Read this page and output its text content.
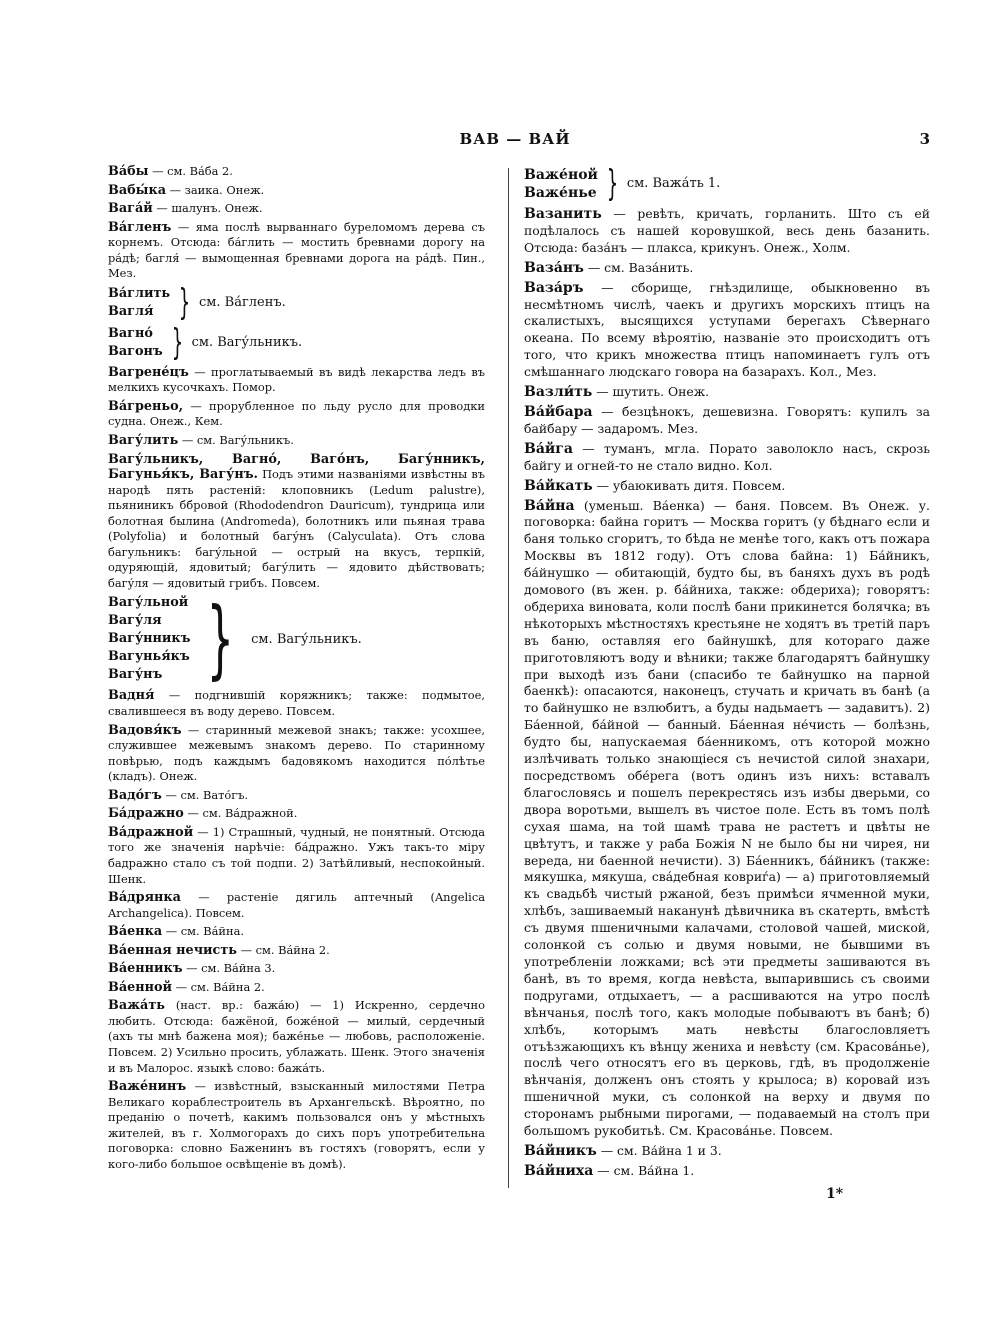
ВАВ — ВАЙ	3

Ва́бы — см. Ва́ба 2.

Вабы́ка — заика. Онеж.

Вага́й — шалунъ. Онеж.

Ва́гленъ — яма послѣ вырваннаго буреломомъ дерева съ корнемъ. Отсюда: ба́глить — мостить бревнами дорогу на ра́дѣ; багля́ — вымощенная бревнами дорога на ра́дѣ. Пин., Мез.

Ва́глить
Вагля́ } см. Ва́гленъ.
Вагно́
Вагонъ } см. Вагу́льникъ.

Вагрене́цъ — проглатываемый въ видѣ лекарства ледъ въ мелкихъ кусочкахъ. Помор.

Ва́греньо, — прорубленное по льду русло для проводки судна. Онеж., Кем.

Вагу́лить — см. Вагу́льникъ.

Вагу́льникъ, Вагно́, Ваго́нъ, Багу́нникъ, Багунья́къ, Вагу́нъ. Подъ этими названіями извѣстны въ народѣ пять растеній: клоповникъ (Ledum palustre), пьяниникъ бб́ровой (Rhododendron Dauricum), тундрица или болотная былина (Andromeda), болотникъ или пьяная трава (Polyfolia) и болотный багу́нъ (Calyculata). Отъ слова багульникъ: багу́льной — острый на вкусъ, терпкій, одуряющій, ядовитый; багу́лить — ядовито дѣйствовать; багу́ля — ядовитый грибъ. Повсем.

Вагу́льной
Вагу́ля
Вагу́нникъ
Вагунья́къ
Вагу́нъ } см. Вагу́льникъ.

Вадня́ — подгнившій коряжникъ; также: подмытое, свалившееся въ воду дерево. Повсем.

Вадовя́къ — старинный межевой знакъ; также: усохшее, служившее межевымъ знакомъ дерево. По старинному повѣрью, подъ каждымъ бадовякомъ находится по́лѣтье (кладъ). Онеж.

Вадо́гъ — см. Вато́гъ.

Ба́дражно — см. Ва́дражной.

Ва́дражной — 1) Страшный, чудный, не понятный. Отсюда того же значенія нарѣчіе: ба́дражно. Ужъ такъ-то міру бадражно стало съ той подпи. 2) Затѣйливый, неспокойный. Шенк.

Ва́дрянка — растеніе дягиль аптечный (Angelica Archangelica). Повсем.

Ва́енка — см. Ва́йна.

Ва́енная нечисть — см. Ва́йна 2.

Ва́енникъ — см. Ва́йна 3.

Ва́енной — см. Ва́йна 2.

Важа́ть (наст. вр.: бажа́ю) — 1) Искренно, сердечно любить. Отсюда: бажёной, боже́ной — милый, сердечный (ахъ ты мнѣ бажена моя); баже́нье — любовь, расположеніе. Повсем. 2) Усильно просить, ублажать. Шенк. Этого значенія и въ Малорос. языкѣ слово: бажа́ть.

Важе́нинъ — извѣстный, взысканный милостями Петра Великаго кораблестроитель въ Архангельскѣ. Вѣроятно, по преданію о почетѣ, какимъ пользовался онъ у мѣстныхъ жителей, въ г. Холмогорахъ до сихъ поръ употребительна поговорка: словно Баженинъ въ гостяхъ (говорятъ, если у кого-либо большое освѣщеніе въ домѣ).

Важе́ной
Важе́нье } см. Важа́ть 1.

Вазанить — ревѣть, кричать, горланить. Што съ ей подѣлалось съ нашей коровушкой, весь день базанить. Отсюда: база́нъ — плакса, крикунъ. Онеж., Холм.

Ваза́нъ — см. Ваза́нить.

Ваза́ръ — сборище, гнѣздилище, обыкновенно въ несмѣтномъ числѣ, чаекъ и другихъ морскихъ птицъ на скалистыхъ, высящихся уступами берегахъ Сѣвернаго океана. По всему вѣроятію, названіе это происходитъ отъ того, что крикъ множества птицъ напоминаетъ гулъ отъ смѣшаннаго людскаго говора на базарахъ. Кол., Мез.

Вазли́ть — шутить. Онеж.

Ва́йбара — безцѣнокъ, дешевизна. Говорятъ: купилъ за байбару — задаромъ. Мез.

Ва́йга — туманъ, мгла. Порато заволокло насъ, скрозь байгу и огней-то не стало видно. Кол.

Ва́йкать — убаюкивать дитя. Повсем.

Ва́йна (уменьш. Ва́енка) — баня. Повсем. Въ Онеж. у. поговорка: байна горитъ — Москва горитъ (у бѣднаго если и баня только сгоритъ, то бѣда не менѣе того, какъ отъ пожара Москвы въ 1812 году). Отъ слова байна: 1) Ба́йникъ, ба́йнушко — обитающій, будто бы, въ баняхъ духъ въ родѣ домового (въ жен. р. ба́йниха, также: обдериха); говорятъ: обдериха виновата, коли послѣ бани прикинется болячка; въ нѣкоторыхъ мѣстностяхъ крестьяне не ходятъ въ третій паръ въ баню, оставляя его байнушкѣ, для котораго даже приготовляютъ воду и вѣники; также благодарятъ байнушку при выходѣ изъ бани (спасибо те байнушко на парной баенкѣ): опасаются, наконецъ, стучать и кричать въ банѣ (а то байнушко не взлюбитъ, а буды надьмаетъ — задавитъ). 2) Ба́енной, ба́йной — банный. Ба́енная не́чисть — болѣзнь, будто бы, напускаемая ба́енникомъ, отъ которой можно излѣчивать только знающіеся съ нечистой силой знахари, посредствомъ обе́рега (вотъ одинъ изъ нихъ: вставалъ благословясь и пошелъ перекрестясь изъ избы дверьми, со двора воротьми, вышелъ въ чистое поле. Есть въ томъ полѣ сухая шама, на той шамѣ трава не растетъ и цвѣты не цвѣтутъ, и также у раба Божія N не было бы ни чирея, ни вереда, ни баенной нечисти). 3) Ба́енникъ, ба́йникъ (также: мякушка, мякуша, сва́дебная ковриѓа) — а) приготовляемый къ свадьбѣ чистый ржаной, безъ примѣси ячменной муки, хлѣбъ, зашиваемый наканунѣ дѣвичника въ скатерть, вмѣстѣ съ двумя пшеничными калачами, столовой чашей, миской, солонкой съ солью и двумя новыми, не бывшими въ употребленіи ложками; всѣ эти предметы зашиваются въ банѣ, въ то время, когда невѣста, выпарившись съ своими подругами, отдыхаетъ, — а расшиваются на утро послѣ вѣнчанья, послѣ того, какъ молодые побываютъ въ банѣ; б) хлѣбъ, которымъ мать невѣсты благословляетъ отъѣзжающихъ къ вѣнцу жениха и невѣсту (см. Красова́нье), послѣ чего относятъ его въ церковь, гдѣ, въ продолженіе вѣнчанія, долженъ онъ стоять у крылоса; в) коровай изъ пшеничной муки, съ солонкой на верху и двумя по сторонамъ рыбными пирогами, — подаваемый на столъ при большомъ рукобитьѣ. См. Красова́нье. Повсем.

Ва́йникъ — см. Ва́йна 1 и 3.

Ва́йниха — см. Ва́йна 1.

1*
